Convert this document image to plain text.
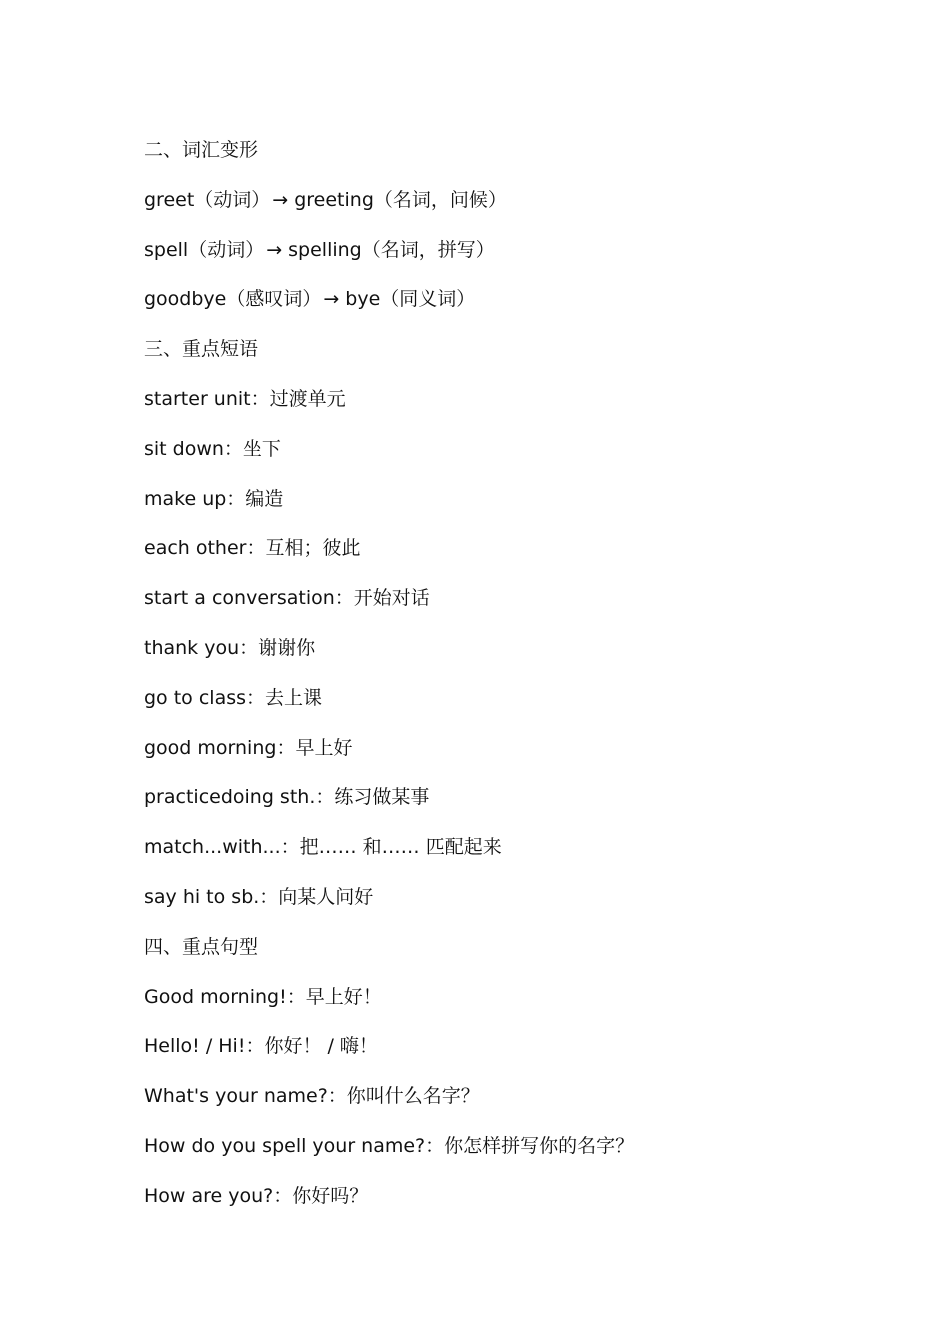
二、词汇变形
greet（动词） → greeting（名词，问候）
spell（动词） → spelling（名词，拼写）
goodbye（感叹词） → bye（同义词）
三、重点短语
starter unit：过渡单元
sit down：坐下
make up：编造
each other：互相；彼此
start a conversation：开始对话
thank you：谢谢你
go to class：去上课
good morning：早上好
practicedoing sth.：练习做某事
match...with...：把…… 和…… 匹配起来
say hi to sb.：向某人问好
四、重点句型
Good morning!：早上好！
Hello! / Hi!：你好！ / 嗨！
What's your name?：你叫什么名字？
How do you spell your name?：你怎样拼写你的名字？
How are you?：你好吗？
